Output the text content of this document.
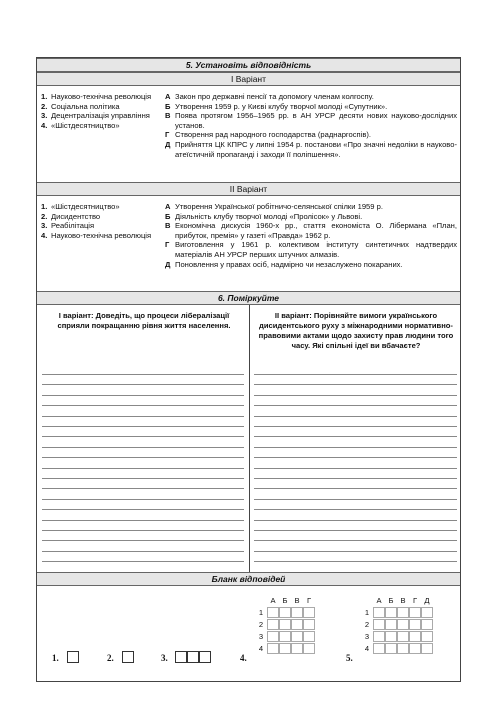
5. Установіть відповідність
I Варіант
1. Науково-технічна революція
2. Соціальна політика
3. Децентралізація управління
4. «Шістдесятництво»
А Закон про державні пенсії та допомогу членам колгоспу.
Б Утворення 1959 р. у Києві клубу творчої молоді «Супутник».
В Поява протягом 1956–1965 рр. в АН УРСР десяти нових науково-дослідних установ.
Г Створення рад народного господарства (раднаргоспів).
Д Прийняття ЦК КПРС у липні 1954 р. постанови «Про значні недоліки в науково-атеїстичній пропаганді і заходи її поліпшення».
II Варіант
1. «Шістдесятництво»
2. Дисидентство
3. Реабілітація
4. Науково-технічна революція
А Утворення Української робітничо-селянської спілки 1959 р.
Б Діяльність клубу творчої молоді «Пролісок» у Львові.
В Економічна дискусія 1960-х рр., стаття економіста О. Лібермана «План, прибуток, премія» у газеті «Правда» 1962 р.
Г Виготовлення у 1961 р. колективом інституту синтетичних надтвердих матеріалів АН УРСР перших штучних алмазів.
Д Поновлення у правах осіб, надмірно чи незаслужено покараних.
6. Поміркуйте
I варіант: Доведіть, що процеси лібералізації сприяли покращанню рівня життя населення.
II варіант: Порівняйте вимоги українського дисидентського руху з міжнародними нормативно-правовими актами щодо захисту прав людини того часу. Які спільні ідеї ви вбачаєте?
Бланк відповідей
1.	2.	3.	4.
А Б В Г
1
2
3
4
5.
А Б В Г Д
1
2
3
4
